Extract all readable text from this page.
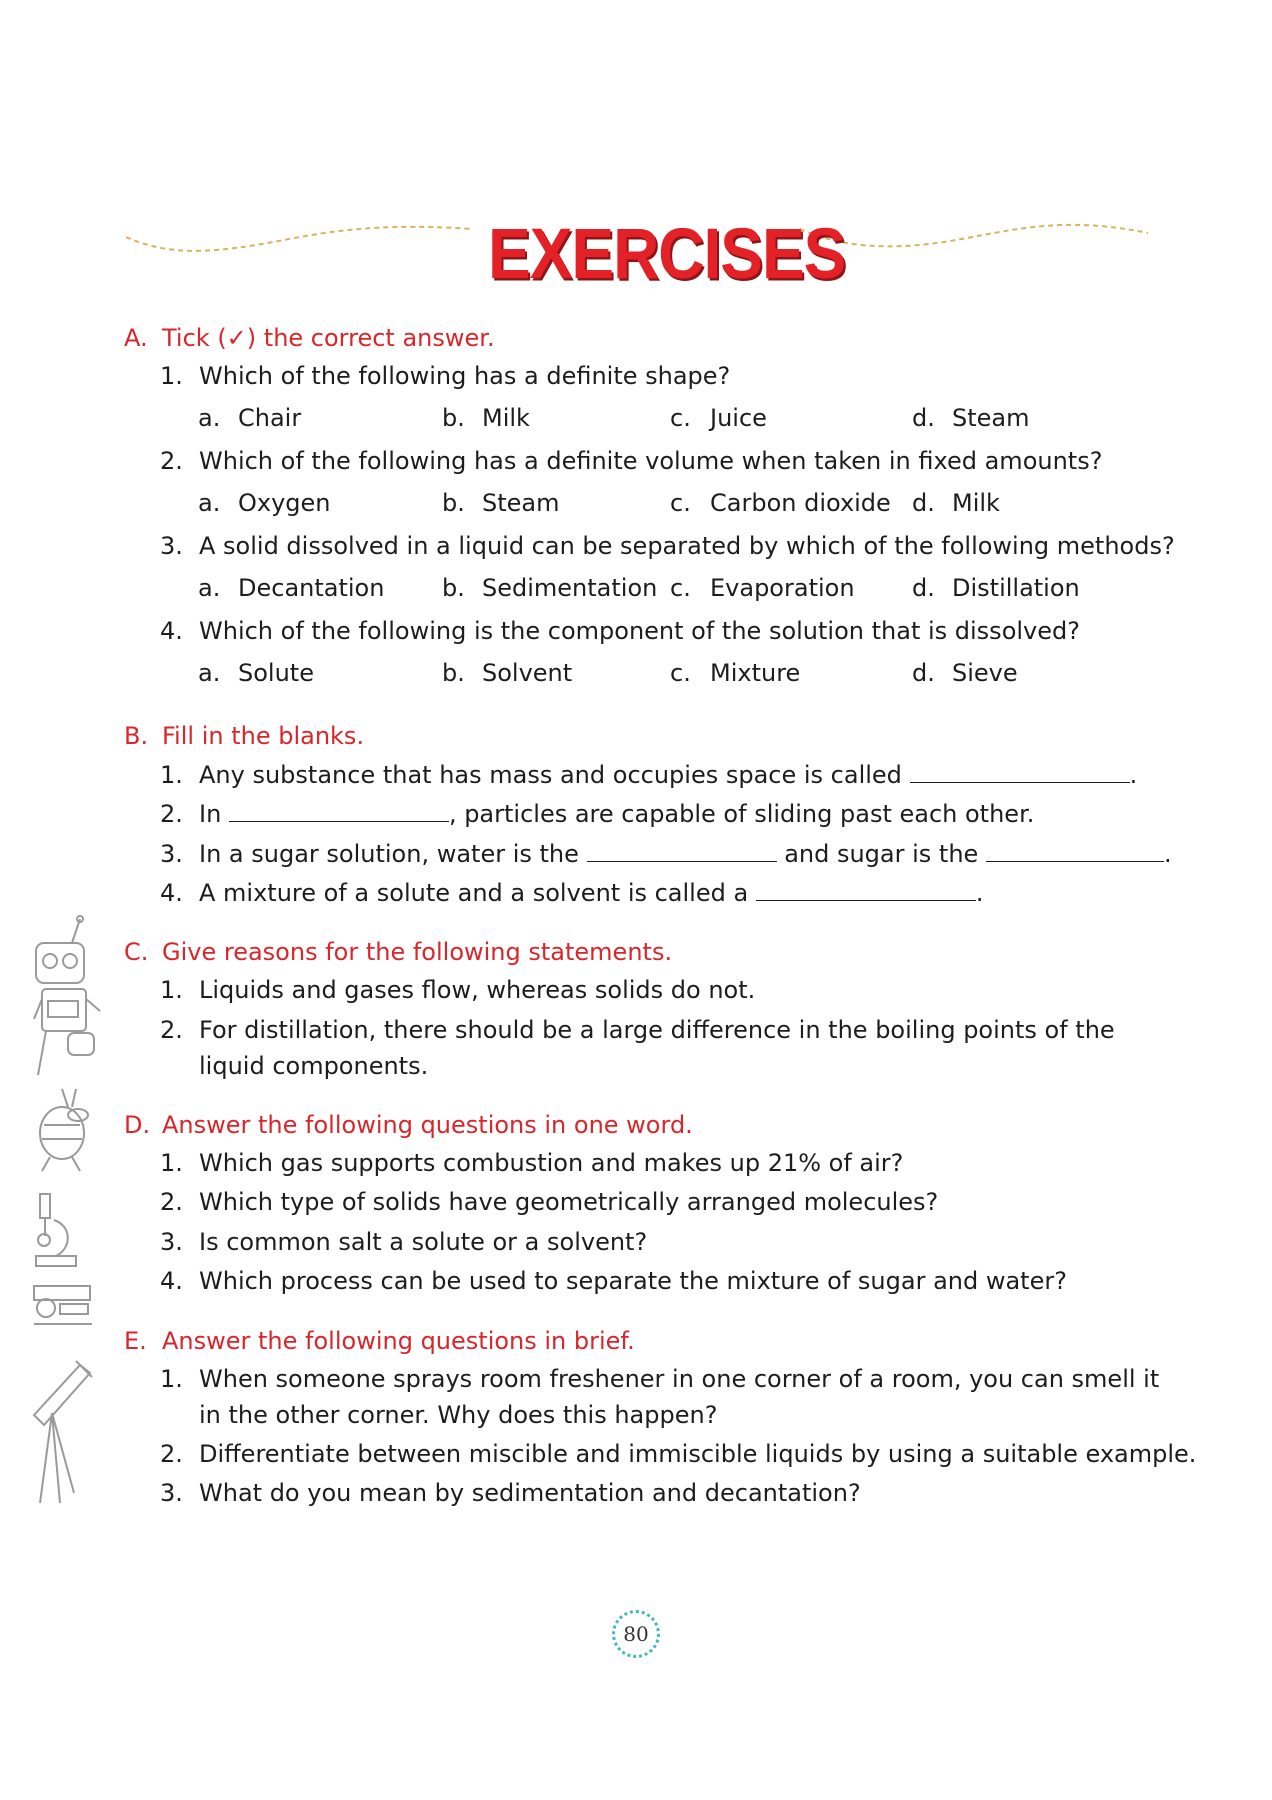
EXERCISES
A. Tick (✓) the correct answer.
1. Which of the following has a definite shape?
a. Chair	b. Milk	c. Juice	d. Steam
2. Which of the following has a definite volume when taken in fixed amounts?
a. Oxygen	b. Steam	c. Carbon dioxide d. Milk
3. A solid dissolved in a liquid can be separated by which of the following methods?
a. Decantation b. Sedimentation c. Evaporation d. Distillation
4. Which of the following is the component of the solution that is dissolved?
a. Solute	b. Solvent	c. Mixture	d. Sieve
B. Fill in the blanks.
1. Any substance that has mass and occupies space is called	.
2. In	, particles are capable of sliding past each other.
3. In a sugar solution, water is the	and sugar is the	.
4. A mixture of a solute and a solvent is called a	.
C. Give reasons for the following statements.
1. Liquids and gases flow, whereas solids do not.
2. For distillation, there should be a large difference in the boiling points of the
liquid components.
D. Answer the following questions in one word.
1. Which gas supports combustion and makes up 21% of air?
2. Which type of solids have geometrically arranged molecules?
3. Is common salt a solute or a solvent?
4. Which process can be used to separate the mixture of sugar and water?
E. Answer the following questions in brief.
1. When someone sprays room freshener in one corner of a room, you can smell it
in the other corner. Why does this happen?
2. Differentiate between miscible and immiscible liquids by using a suitable example.
3. What do you mean by sedimentation and decantation?
80
